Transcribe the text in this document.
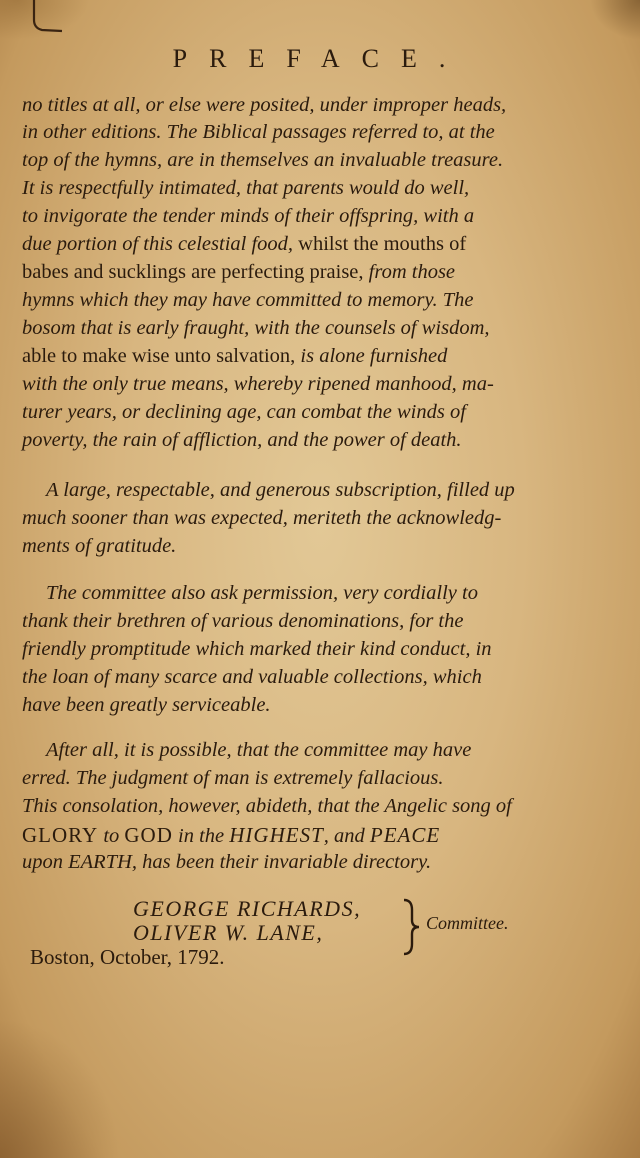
PREFACE.

no titles at all, or else were posited, under improper heads,

in other editions. The Biblical passages referred to, at the

top of the hymns, are in themselves an invaluable treasure.

It is respectfully intimated, that parents would do well,

to invigorate the tender minds of their offspring, with a

due portion of this celestial food, whilst the mouths of

babes and sucklings are perfecting praise, from those

hymns which they may have committed to memory. The

bosom that is early fraught, with the counsels of wisdom,

able to make wise unto salvation, is alone furnished

with the only true means, whereby ripened manhood, ma-

turer years, or declining age, can combat the winds of

poverty, the rain of affliction, and the power of death.

A large, respectable, and generous subscription, filled up

much sooner than was expected, meriteth the acknowledg-

ments of gratitude.

The committee also ask permission, very cordially to

thank their brethren of various denominations, for the

friendly promptitude which marked their kind conduct, in

the loan of many scarce and valuable collections, which

have been greatly serviceable.

After all, it is possible, that the committee may have

erred. The judgment of man is extremely fallacious.

This consolation, however, abideth, that the Angelic song of

GLORY to GOD in the HIGHEST, and PEACE

upon EARTH, has been their invariable directory.

GEORGE RICHARDS,

OLIVER W. LANE,	Committee.

Boston, October, 1792.
